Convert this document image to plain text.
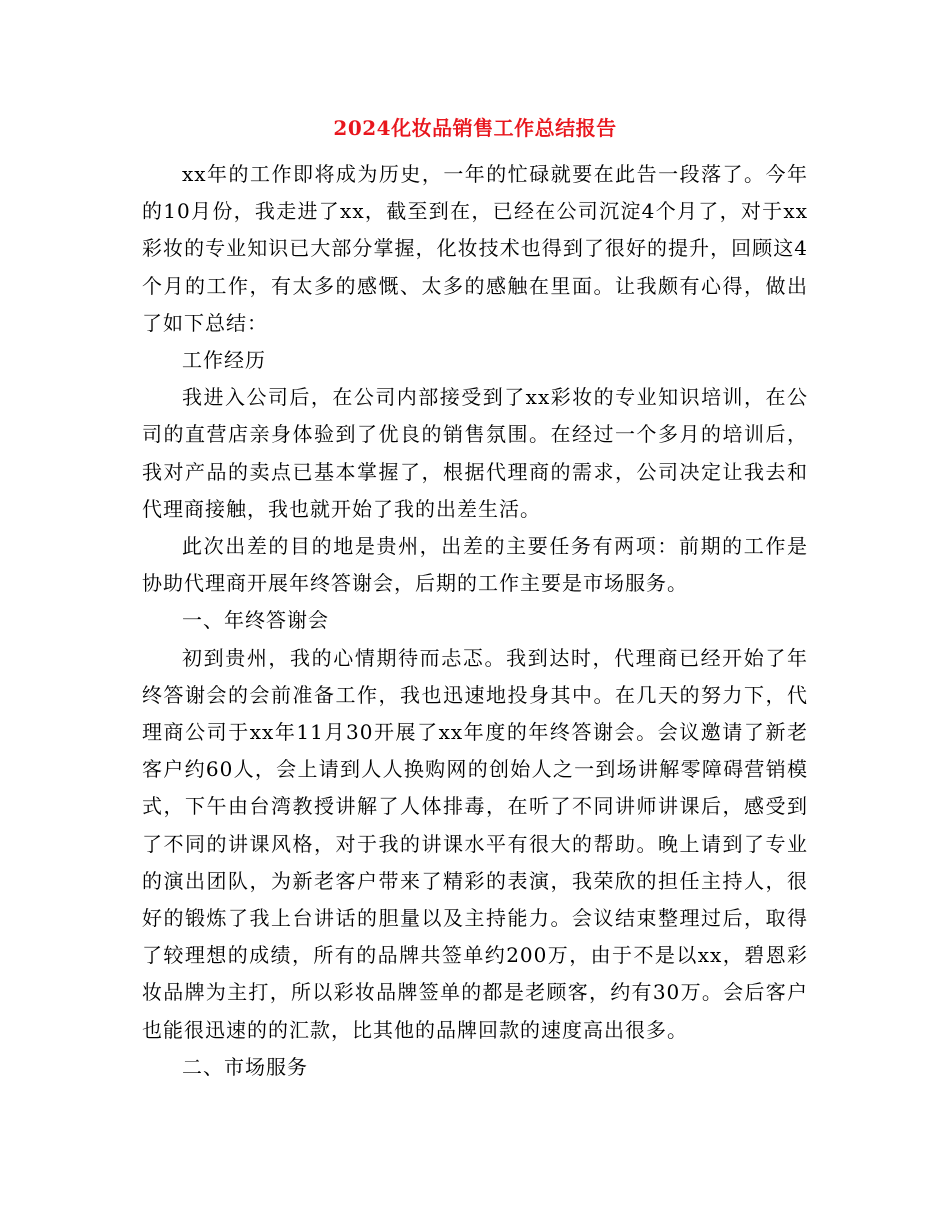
2024化妆品销售工作总结报告

xx年的工作即将成为历史，一年的忙碌就要在此告一段落了。今年的10月份，我走进了xx，截至到在，已经在公司沉淀4个月了，对于xx彩妆的专业知识已大部分掌握，化妆技术也得到了很好的提升，回顾这4个月的工作，有太多的感慨、太多的感触在里面。让我颇有心得，做出了如下总结：

工作经历

我进入公司后，在公司内部接受到了xx彩妆的专业知识培训，在公司的直营店亲身体验到了优良的销售氛围。在经过一个多月的培训后，我对产品的卖点已基本掌握了，根据代理商的需求，公司决定让我去和代理商接触，我也就开始了我的出差生活。

此次出差的目的地是贵州，出差的主要任务有两项：前期的工作是协助代理商开展年终答谢会，后期的工作主要是市场服务。

一、年终答谢会

初到贵州，我的心情期待而忐忑。我到达时，代理商已经开始了年终答谢会的会前准备工作，我也迅速地投身其中。在几天的努力下，代理商公司于xx年11月30开展了xx年度的年终答谢会。会议邀请了新老客户约60人，会上请到人人换购网的创始人之一到场讲解零障碍营销模式，下午由台湾教授讲解了人体排毒，在听了不同讲师讲课后，感受到了不同的讲课风格，对于我的讲课水平有很大的帮助。晚上请到了专业的演出团队，为新老客户带来了精彩的表演，我荣欣的担任主持人，很好的锻炼了我上台讲话的胆量以及主持能力。会议结束整理过后，取得了较理想的成绩，所有的品牌共签单约200万，由于不是以xx，碧恩彩妆品牌为主打，所以彩妆品牌签单的都是老顾客，约有30万。会后客户也能很迅速的的汇款，比其他的品牌回款的速度高出很多。

二、市场服务
